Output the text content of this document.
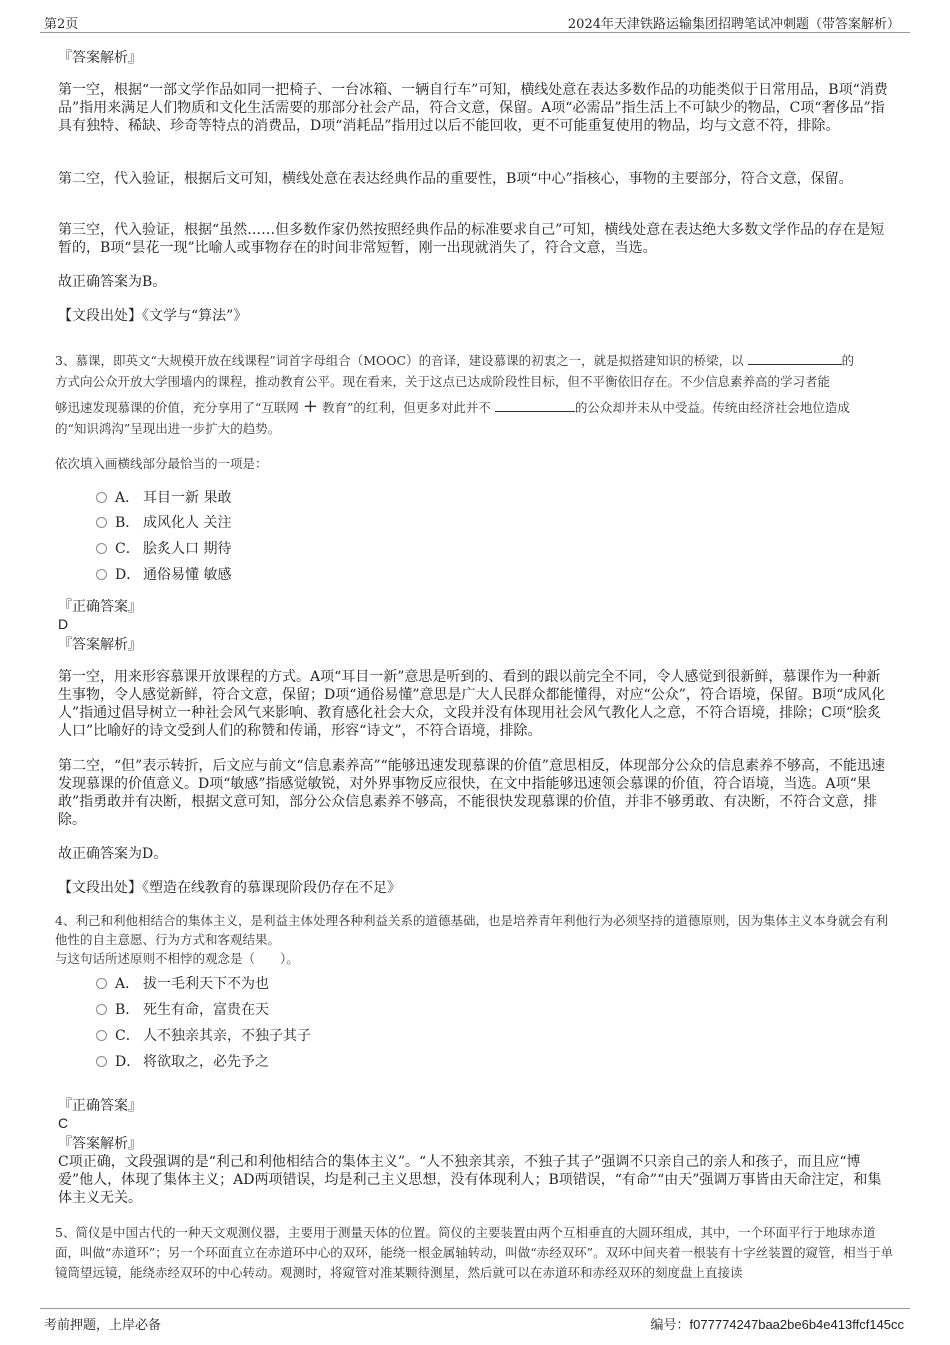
第2页	2024年天津铁路运输集团招聘笔试冲刺题（带答案解析）
『答案解析』

第一空，根据“一部文学作品如同一把椅子、一台冰箱、一辆自行车”可知，横线处意在表达多数作品的功能类似于日常用品，B项“消费品”指用来满足人们物质和文化生活需要的那部分社会产品，符合文意，保留。A项“必需品”指生活上不可缺少的物品，C项“奢侈品”指具有独特、稀缺、珍奇等特点的消费品，D项“消耗品”指用过以后不能回收，更不可能重复使用的物品，均与文意不符，排除。

第二空，代入验证，根据后文可知，横线处意在表达经典作品的重要性，B项“中心”指核心，事物的主要部分，符合文意，保留。

第三空，代入验证，根据“虽然……但多数作家仍然按照经典作品的标准要求自己”可知，横线处意在表达绝大多数文学作品的存在是短暂的，B项“昙花一现”比喻人或事物存在的时间非常短暂，刚一出现就消失了，符合文意，当选。

故正确答案为B。

【文段出处】《文学与“算法”》

3、慕课，即英文“大规模开放在线课程”词首字母组合（MOOC）的音译，建设慕课的初衷之一，就是拟搭建知识的桥梁，以	的
方式向公众开放大学围墙内的课程，推动教育公平。现在看来，关于这点已达成阶段性目标，但不平衡依旧存在。不少信息素养高的学习者能
够迅速发现慕课的价值，充分享用了“互联网 + 教育”的红利，但更多对此并不	的公众却并未从中受益。传统由经济社会地位造成
的“知识鸿沟”呈现出进一步扩大的趋势。
依次填入画横线部分最恰当的一项是：
A． 耳目一新 果敢
B． 成风化人 关注
C． 脍炙人口 期待
D． 通俗易懂 敏感
『正确答案』
D
『答案解析』

第一空，用来形容慕课开放课程的方式。A项“耳目一新”意思是听到的、看到的跟以前完全不同，令人感觉到很新鲜，慕课作为一种新生事物，令人感觉新鲜，符合文意，保留；D项“通俗易懂”意思是广大人民群众都能懂得，对应“公众”，符合语境，保留。B项“成风化人”指通过倡导树立一种社会风气来影响、教育感化社会大众，文段并没有体现用社会风气教化人之意，不符合语境，排除；C项“脍炙人口”比喻好的诗文受到人们的称赞和传诵，形容“诗文”，不符合语境，排除。

第二空，“但”表示转折，后文应与前文“信息素养高”“能够迅速发现慕课的价值”意思相反，体现部分公众的信息素养不够高，不能迅速发现慕课的价值意义。D项“敏感”指感觉敏锐，对外界事物反应很快，在文中指能够迅速领会慕课的价值，符合语境，当选。A项“果敢”指勇敢并有决断，根据文意可知，部分公众信息素养不够高，不能很快发现慕课的价值，并非不够勇敢、有决断，不符合文意，排除。

故正确答案为D。

【文段出处】《塑造在线教育的慕课现阶段仍存在不足》

4、利己和利他相结合的集体主义，是利益主体处理各种利益关系的道德基础，也是培养青年利他行为必须坚持的道德原则，因为集体主义本身就会有利他性的自主意愿、行为方式和客观结果。
与这句话所述原则不相悖的观念是（　　）。
A． 拔一毛利天下不为也
B． 死生有命，富贵在天
C． 人不独亲其亲，不独子其子
D． 将欲取之，必先予之
『正确答案』
C
『答案解析』

C项正确，文段强调的是“利己和利他相结合的集体主义”。“人不独亲其亲，不独子其子”强调不只亲自己的亲人和孩子，而且应“博爱”他人，体现了集体主义；AD两项错误，均是利己主义思想，没有体现利人；B项错误，“有命”“由天”强调万事皆由天命注定，和集体主义无关。

5、简仪是中国古代的一种天文观测仪器，主要用于测量天体的位置。简仪的主要装置由两个互相垂直的大圆环组成，其中，一个环面平行于地球赤道面，叫做“赤道环”；另一个环面直立在赤道环中心的双环，能绕一根金属轴转动，叫做“赤经双环”。双环中间夹着一根装有十字丝装置的窥管，相当于单镜筒望远镜，能绕赤经双环的中心转动。观测时，将窥管对准某颗待测星，然后就可以在赤道环和赤经双环的刻度盘上直接读
考前押题，上岸必备	编号：f077774247baa2be6b4e413ffcf145cc
